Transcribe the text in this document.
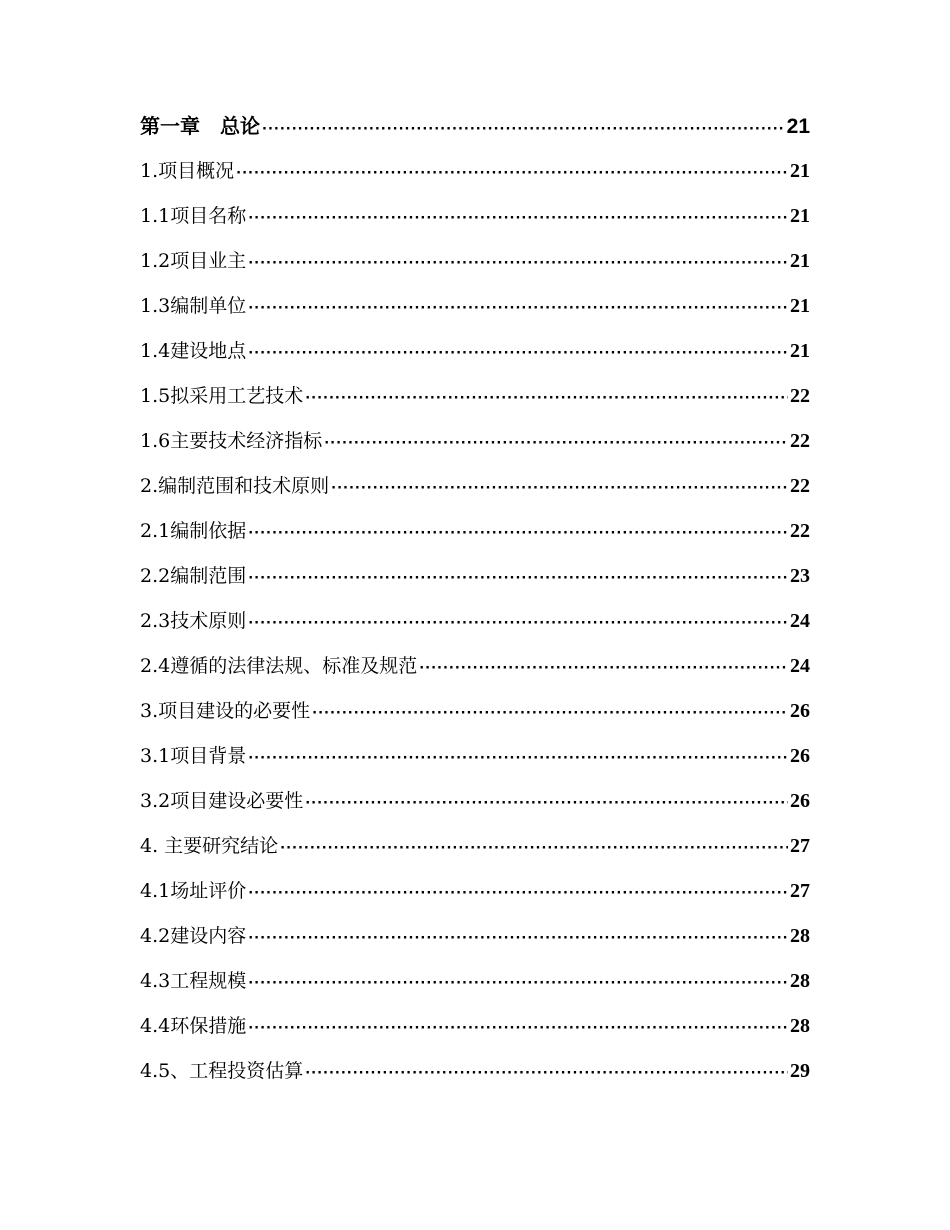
第一章　总论 ·····	21
1.项目概况 ·····	21
1.1项目名称 ·····	21
1.2项目业主 ·····	21
1.3编制单位 ·····	21
1.4建设地点 ·····	21
1.5拟采用工艺技术 ·····	22
1.6主要技术经济指标 ·····	22
2.编制范围和技术原则 ·····	22
2.1编制依据 ·····	22
2.2编制范围 ·····	23
2.3技术原则 ·····	24
2.4遵循的法律法规、标准及规范 ·····	24
3.项目建设的必要性 ·····	26
3.1项目背景 ·····	26
3.2项目建设必要性 ·····	26
4. 主要研究结论 ·····	27
4.1场址评价 ·····	27
4.2建设内容 ·····	28
4.3工程规模 ·····	28
4.4环保措施 ·····	28
4.5、工程投资估算 ·····	29
